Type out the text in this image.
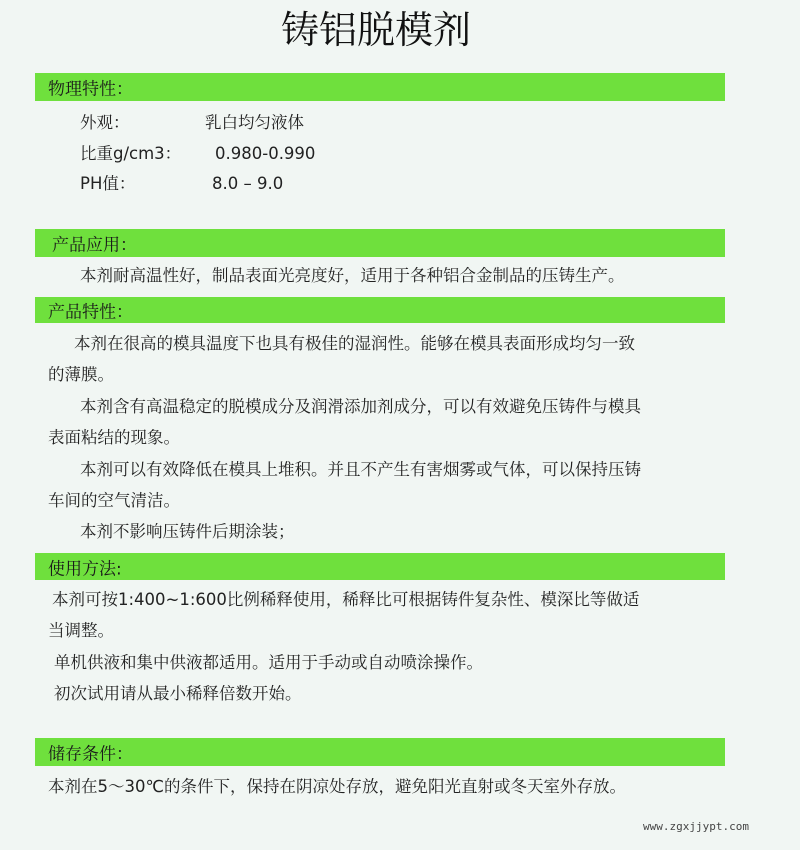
铸铝脱模剂
物理特性：
外观：	乳白均匀液体
比重g/cm3： 0.980-0.990
PH值：	8.0 – 9.0
产品应用：
本剂耐高温性好，制品表面光亮度好，适用于各种铝合金制品的压铸生产。
产品特性：
本剂在很高的模具温度下也具有极佳的湿润性。能够在模具表面形成均匀一致
的薄膜。
本剂含有高温稳定的脱模成分及润滑添加剂成分，可以有效避免压铸件与模具
表面粘结的现象。
本剂可以有效降低在模具上堆积。并且不产生有害烟雾或气体，可以保持压铸
车间的空气清洁。
本剂不影响压铸件后期涂装；
使用方法:
本剂可按1:400~1:600比例稀释使用，稀释比可根据铸件复杂性、模深比等做适
当调整。
单机供液和集中供液都适用。适用于手动或自动喷涂操作。
初次试用请从最小稀释倍数开始。
储存条件：
本剂在5～30℃的条件下，保持在阴凉处存放，避免阳光直射或冬天室外存放。
www.zgxjjypt.com
